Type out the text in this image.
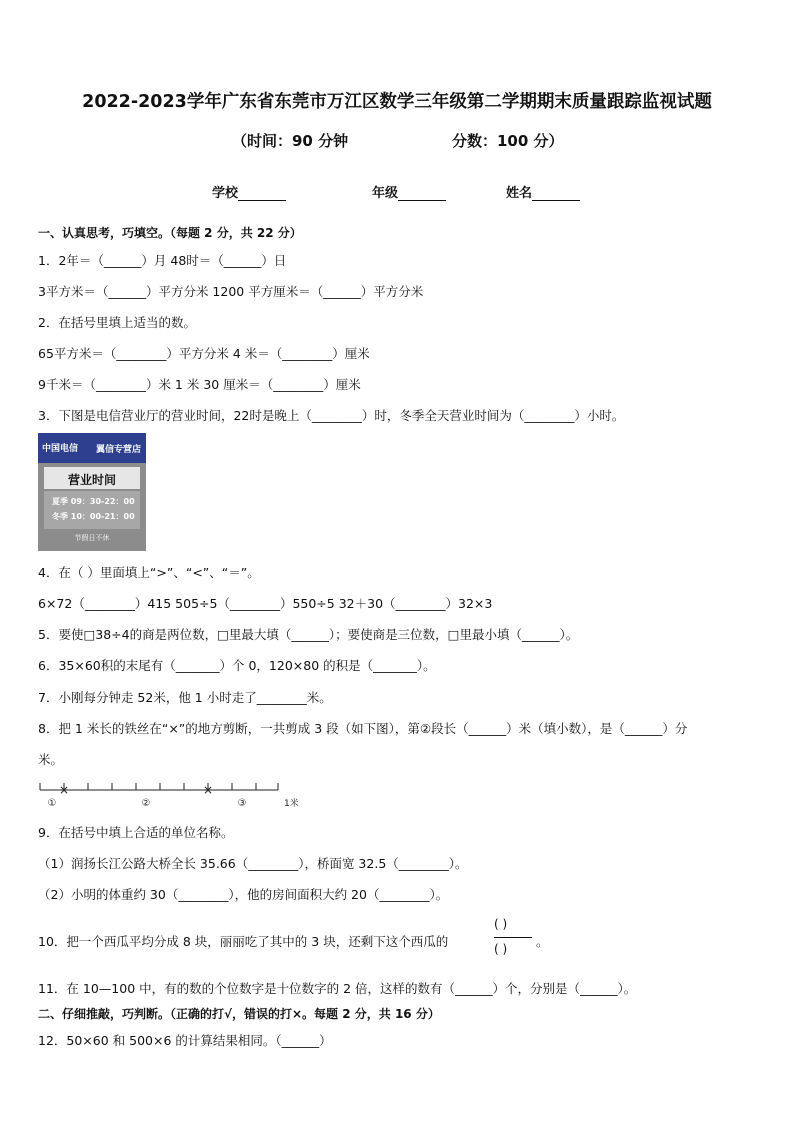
2022-2023学年广东省东莞市万江区数学三年级第二学期期末质量跟踪监视试题
（时间：90 分钟	分数：100 分）
学校	年级	姓名
一、认真思考，巧填空。（每题 2 分，共 22 分）
1．2年＝（______）月 48时＝（______）日
3平方米＝（______）平方分米 1200 平方厘米＝（______）平方分米
2．在括号里填上适当的数。
65平方米＝（________）平方分米 4 米＝（________）厘米
9千米＝（________）米 1 米 30 厘米＝（________）厘米
3．下图是电信营业厅的营业时间，22时是晚上（________）时，冬季全天营业时间为（________）小时。
中国电信 翼信专营店
营业时间
夏季 09：30-22：00
冬季 10：00-21：00
节假日不休
4．在（ ）里面填上“>”、“<”、“＝”。
6×72（________）415 505÷5（________）550÷5 32＋30（________）32×3
5．要使□38÷4的商是两位数，□里最大填（______）；要使商是三位数，□里最小填（______）。
6．35×60积的末尾有（_______）个 0，120×80 的积是（_______）。
7．小刚每分钟走 52米，他 1 小时走了________米。
8．把 1 米长的铁丝在“×”的地方剪断，一共剪成 3 段（如下图），第②段长（______）米（填小数），是（______）分
米。
×	×
①	②	③	1米
9．在括号中填上合适的单位名称。
（1）润扬长江公路大桥全长 35.66（________），桥面宽 32.5（________）。
（2）小明的体重约 30（________），他的房间面积大约 20（________）。
10．把一个西瓜平均分成 8 块，丽丽吃了其中的 3 块，还剩下这个西瓜的
( )
( ) 。
11．在 10—100 中，有的数的个位数字是十位数字的 2 倍，这样的数有（______）个，分别是（______）。
二、仔细推敲，巧判断。（正确的打√，错误的打×。每题 2 分，共 16 分）
12．50×60 和 500×6 的计算结果相同。（______）
